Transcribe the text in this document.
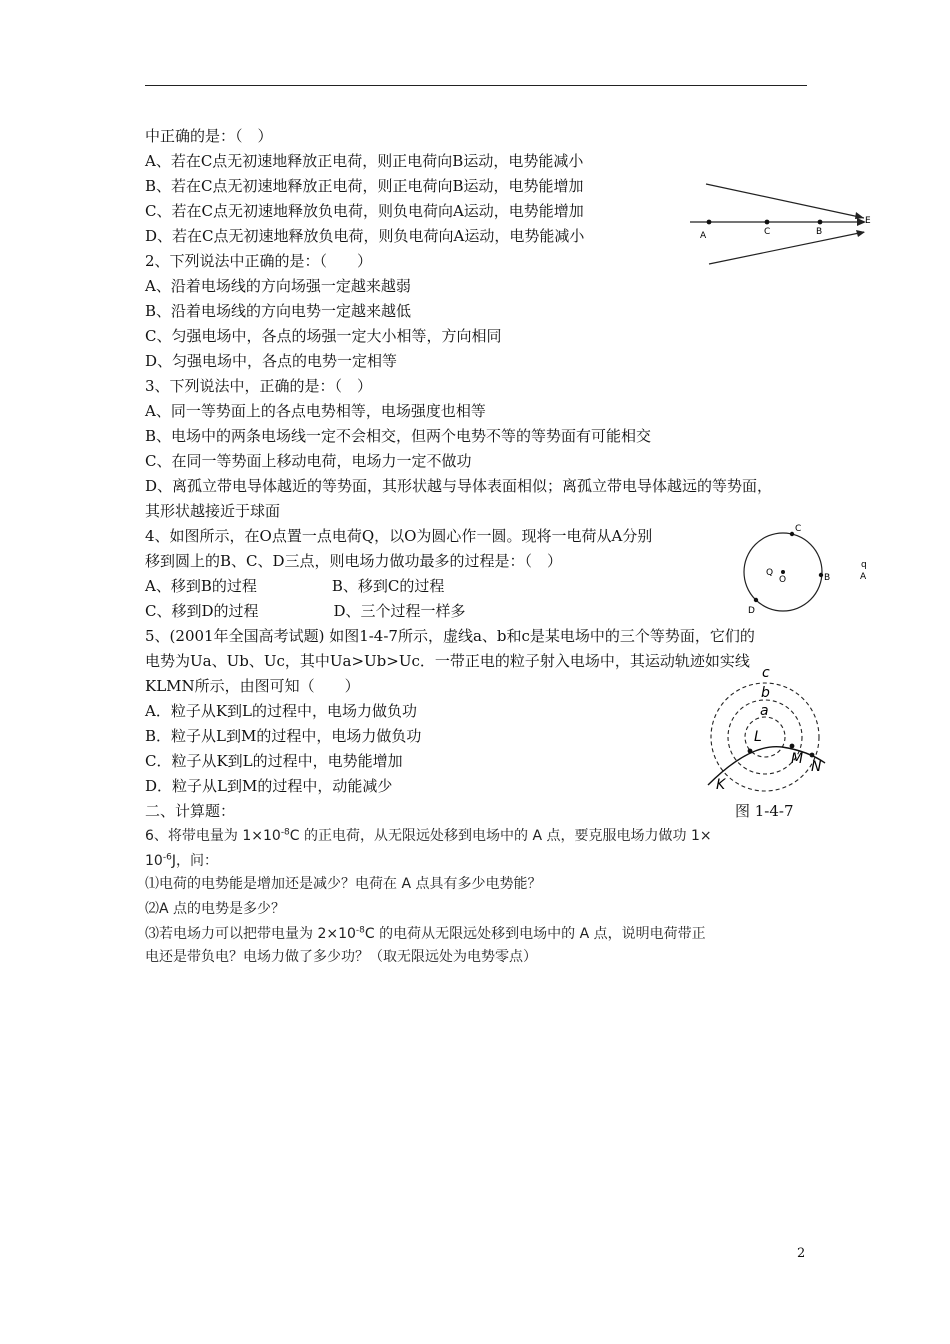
中正确的是：（　）
A、若在C点无初速地释放正电荷，则正电荷向B运动，电势能减小
B、若在C点无初速地释放正电荷，则正电荷向B运动，电势能增加
C、若在C点无初速地释放负电荷，则负电荷向A运动，电势能增加
D、若在C点无初速地释放负电荷，则负电荷向A运动，电势能减小
2、下列说法中正确的是：（　　）
A、沿着电场线的方向场强一定越来越弱
B、沿着电场线的方向电势一定越来越低
C、匀强电场中，各点的场强一定大小相等，方向相同
D、匀强电场中，各点的电势一定相等
3、下列说法中，正确的是：（　）
A、同一等势面上的各点电势相等，电场强度也相等
B、电场中的两条电场线一定不会相交，但两个电势不等的等势面有可能相交
C、在同一等势面上移动电荷，电场力一定不做功
D、离孤立带电导体越近的等势面，其形状越与导体表面相似；离孤立带电导体越远的等势面，
其形状越接近于球面
4、如图所示，在O点置一点电荷Q，以O为圆心作一圆。现将一电荷从A分别
移到圆上的B、C、D三点，则电场力做功最多的过程是：（　）
A、移到B的过程　　　　　B、移到C的过程
C、移到D的过程　　　　　D、三个过程一样多
5、(2001年全国高考试题) 如图1-4-7所示，虚线a、b和c是某电场中的三个等势面，它们的
电势为Ua、Ub、Uc，其中Ua>Ub>Uc．一带正电的粒子射入电场中，其运动轨迹如实线
KLMN所示，由图可知（　　）
A．粒子从K到L的过程中，电场力做负功
B．粒子从L到M的过程中，电场力做负功
C．粒子从K到L的过程中，电势能增加
D．粒子从L到M的过程中，动能减少
二、计算题：
6、将带电量为 $1\times 10^{-8}C$ 的正电荷，从无限远处移到电场中的 A 点，要克服电场力做功 1×
$10^{-6}J$，问：
⑴电荷的电势能是增加还是减少？电荷在 A 点具有多少电势能？
⑵A 点的电势是多少？
⑶若电场力可以把带电量为 $2\times 10^{-8}C$ 的电荷从无限远处移到电场中的 A 点，说明电荷带正
电还是带负电？电场力做了多少功？（取无限远处为电势零点）
A	C	B
E
C
Q
O	B
D
q
A
c
b
a
L
M N
K
图 1-4-7
2
